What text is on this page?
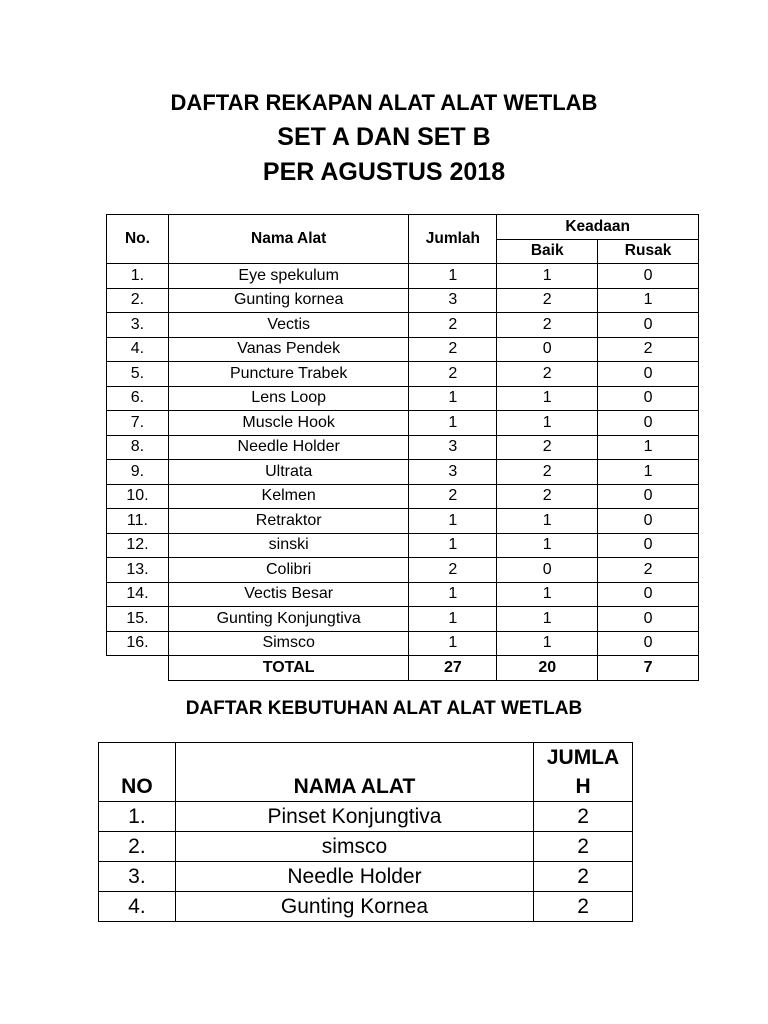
DAFTAR REKAPAN ALAT ALAT WETLAB
SET A DAN SET B
PER AGUSTUS 2018
No.	Nama Alat	Jumlah	Keadaan	
			Baik	Rusak
1.	Eye spekulum	1	1	0
2.	Gunting kornea	3	2	1
3.	Vectis	2	2	0
4.	Vanas Pendek	2	0	2
5.	Puncture Trabek	2	2	0
6.	Lens Loop	1	1	0
7.	Muscle Hook	1	1	0
8.	Needle Holder	3	2	1
9.	Ultrata	3	2	1
10.	Kelmen	2	2	0
11.	Retraktor	1	1	0
12.	sinski	1	1	0
13.	Colibri	2	0	2
14.	Vectis Besar	1	1	0
15.	Gunting Konjungtiva	1	1	0
16.	Simsco	1	1	0
	TOTAL	27	20	7
DAFTAR KEBUTUHAN ALAT ALAT WETLAB
NO	NAMA ALAT	JUMLA
H

1.	Pinset Konjungtiva	2
2.	simsco	2
3.	Needle Holder	2
4.	Gunting Kornea	2
